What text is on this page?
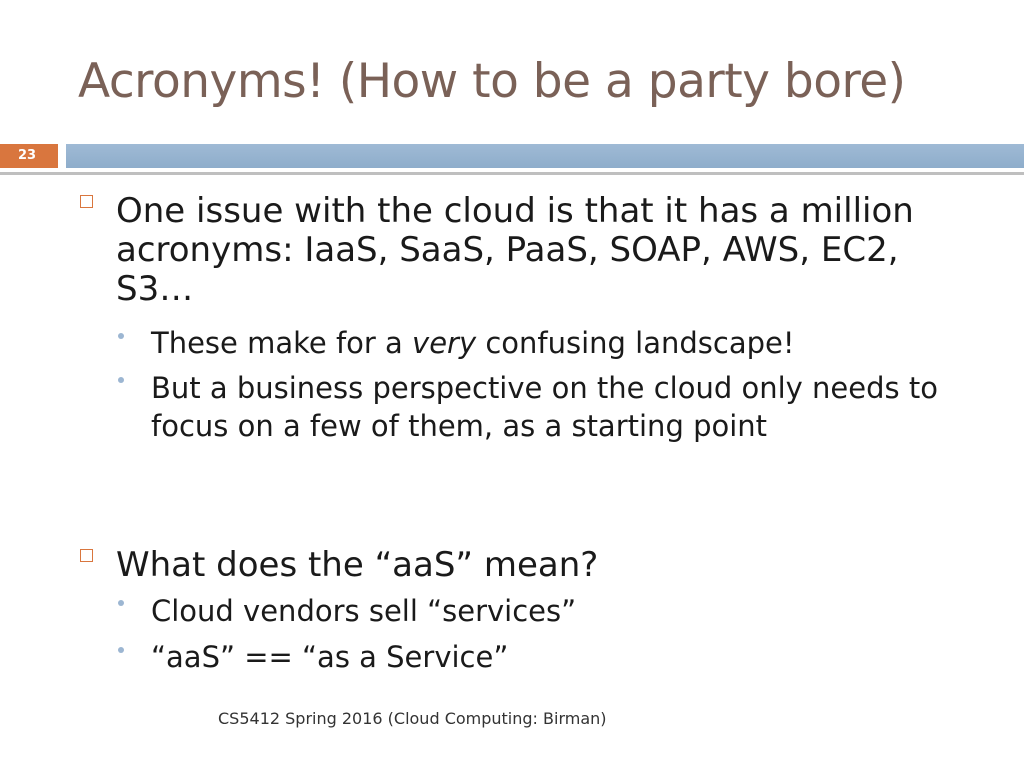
Acronyms! (How to be a party bore)
23
One issue with the cloud is that it has a million acronyms: IaaS, SaaS, PaaS, SOAP, AWS, EC2, S3…
These make for a very confusing landscape!
But a business perspective on the cloud only needs to focus on a few of them, as a starting point
What does the “aaS” mean?
Cloud vendors sell “services”
“aaS” == “as a Service”
CS5412 Spring 2016 (Cloud Computing: Birman)
